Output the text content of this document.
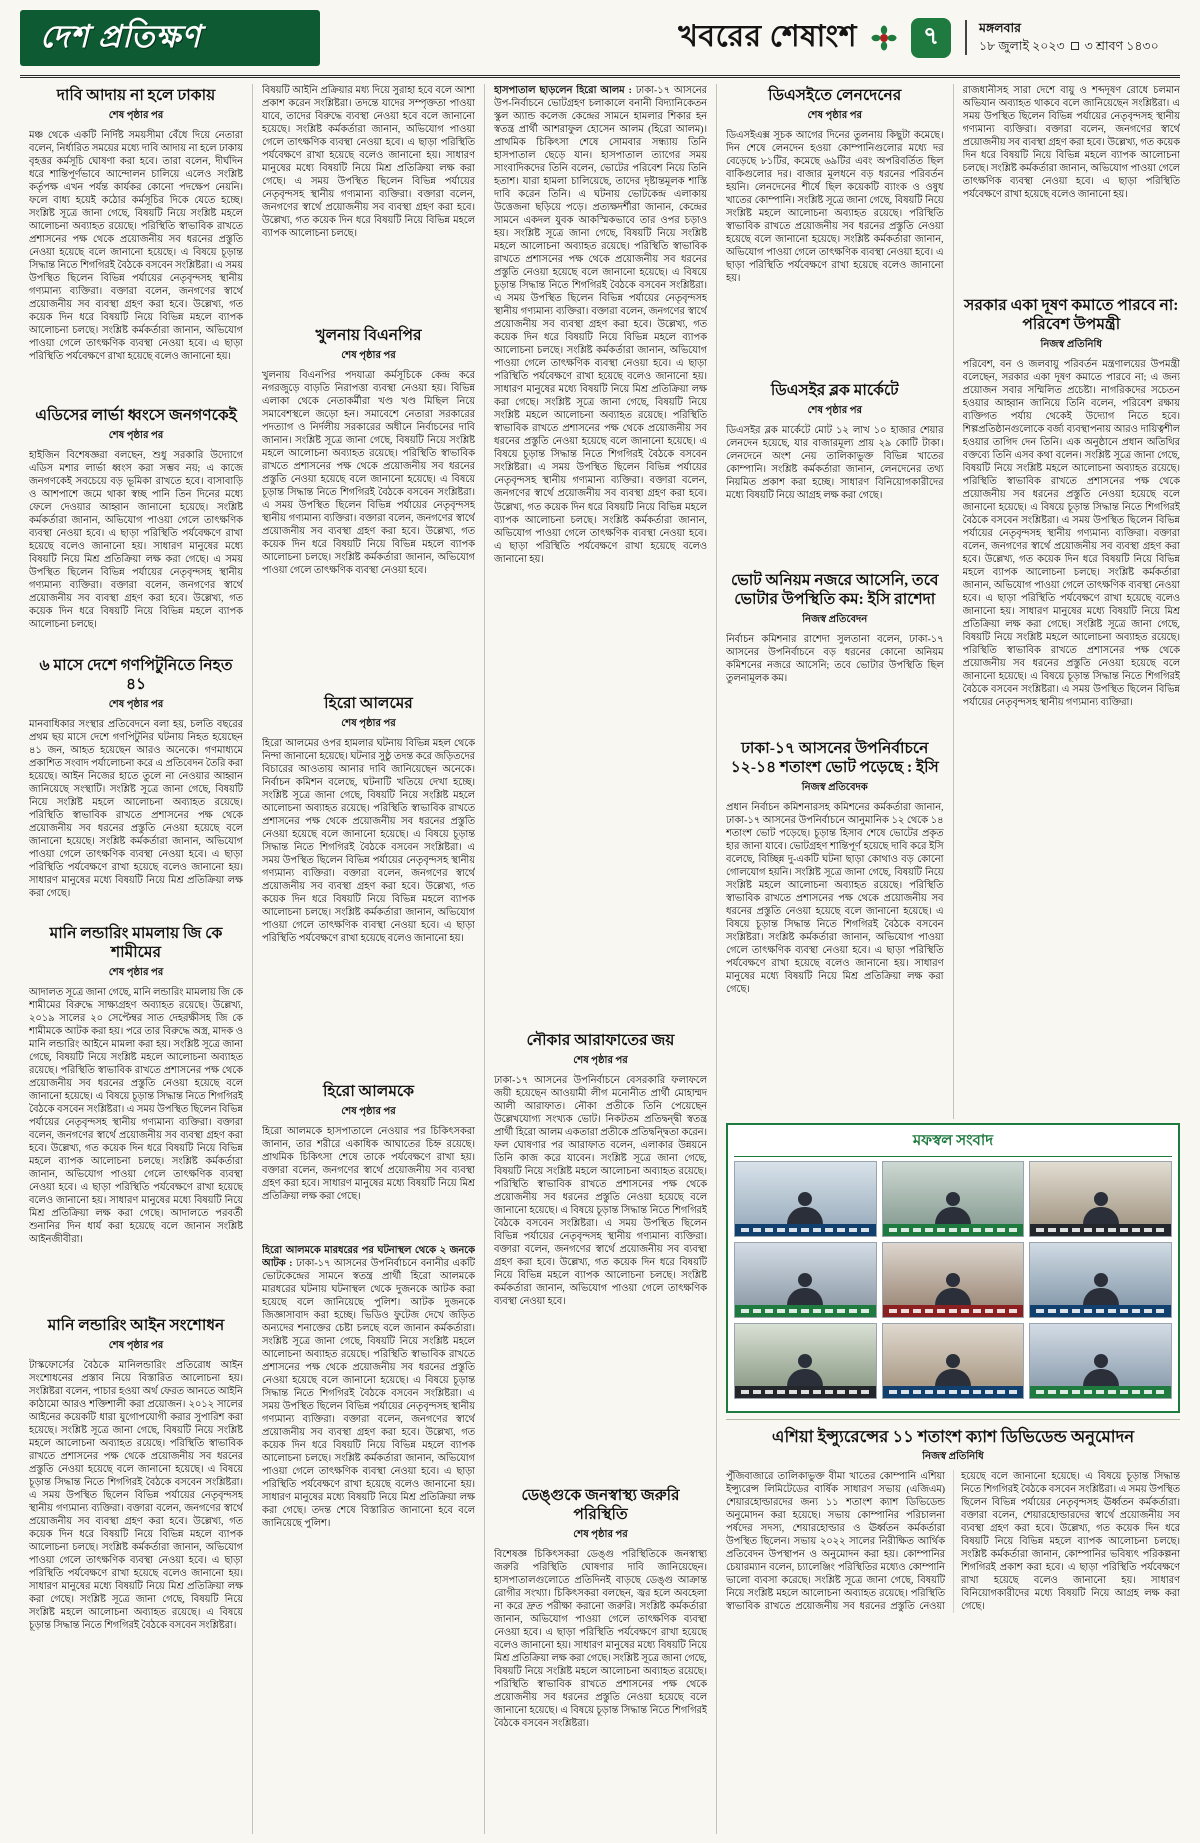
দেশ প্রতিক্ষণ	খবরের শেষাংশ	৭	মঙ্গলবার
১৮ জুলাই ২০২৩ ৩ শ্রাবণ ১৪৩০
দাবি আদায় না হলে ঢাকায়
শেষ পৃষ্ঠার পর

মঞ্চ থেকে একটি নির্দিষ্ট সময়সীমা বেঁধে দিয়ে নেতারা বলেন, নির্ধারিত সময়ের মধ্যে দাবি আদায় না হলে ঢাকায় বৃহত্তর কর্মসূচি ঘোষণা করা হবে। তারা বলেন, দীর্ঘদিন ধরে শান্তিপূর্ণভাবে আন্দোলন চালিয়ে এলেও সংশ্লিষ্ট কর্তৃপক্ষ এখন পর্যন্ত কার্যকর কোনো পদক্ষেপ নেয়নি। ফলে বাধ্য হয়েই কঠোর কর্মসূচির দিকে যেতে হচ্ছে। সংশ্লিষ্ট সূত্রে জানা গেছে, বিষয়টি নিয়ে সংশ্লিষ্ট মহলে আলোচনা অব্যাহত রয়েছে। পরিস্থিতি স্বাভাবিক রাখতে প্রশাসনের পক্ষ থেকে প্রয়োজনীয় সব ধরনের প্রস্তুতি নেওয়া হয়েছে বলে জানানো হয়েছে। এ বিষয়ে চূড়ান্ত সিদ্ধান্ত নিতে শিগগিরই বৈঠকে বসবেন সংশ্লিষ্টরা। এ সময় উপস্থিত ছিলেন বিভিন্ন পর্যায়ের নেতৃবৃন্দসহ স্থানীয় গণ্যমান্য ব্যক্তিরা। বক্তারা বলেন, জনগণের স্বার্থে প্রয়োজনীয় সব ব্যবস্থা গ্রহণ করা হবে। উল্লেখ্য, গত কয়েক দিন ধরে বিষয়টি নিয়ে বিভিন্ন মহলে ব্যাপক আলোচনা চলছে। সংশ্লিষ্ট কর্মকর্তারা জানান, অভিযোগ পাওয়া গেলে তাৎক্ষণিক ব্যবস্থা নেওয়া হবে। এ ছাড়া পরিস্থিতি পর্যবেক্ষণে রাখা হয়েছে বলেও জানানো হয়।

এডিসের লার্ভা ধ্বংসে জনগণকেই
শেষ পৃষ্ঠার পর

হাইজিন বিশেষজ্ঞরা বলছেন, শুধু সরকারি উদ্যোগে এডিস মশার লার্ভা ধ্বংস করা সম্ভব নয়; এ কাজে জনগণকেই সবচেয়ে বড় ভূমিকা রাখতে হবে। বাসাবাড়ি ও আশপাশে জমে থাকা স্বচ্ছ পানি তিন দিনের মধ্যে ফেলে দেওয়ার আহ্বান জানানো হয়েছে। সংশ্লিষ্ট কর্মকর্তারা জানান, অভিযোগ পাওয়া গেলে তাৎক্ষণিক ব্যবস্থা নেওয়া হবে। এ ছাড়া পরিস্থিতি পর্যবেক্ষণে রাখা হয়েছে বলেও জানানো হয়। সাধারণ মানুষের মধ্যে বিষয়টি নিয়ে মিশ্র প্রতিক্রিয়া লক্ষ করা গেছে। এ সময় উপস্থিত ছিলেন বিভিন্ন পর্যায়ের নেতৃবৃন্দসহ স্থানীয় গণ্যমান্য ব্যক্তিরা। বক্তারা বলেন, জনগণের স্বার্থে প্রয়োজনীয় সব ব্যবস্থা গ্রহণ করা হবে। উল্লেখ্য, গত কয়েক দিন ধরে বিষয়টি নিয়ে বিভিন্ন মহলে ব্যাপক আলোচনা চলছে।

৬ মাসে দেশে গণপিটুনিতে নিহত ৪১
শেষ পৃষ্ঠার পর

মানবাধিকার সংস্থার প্রতিবেদনে বলা হয়, চলতি বছরের প্রথম ছয় মাসে দেশে গণপিটুনির ঘটনায় নিহত হয়েছেন ৪১ জন, আহত হয়েছেন আরও অনেকে। গণমাধ্যমে প্রকাশিত সংবাদ পর্যালোচনা করে এ প্রতিবেদন তৈরি করা হয়েছে। আইন নিজের হাতে তুলে না নেওয়ার আহ্বান জানিয়েছে সংস্থাটি। সংশ্লিষ্ট সূত্রে জানা গেছে, বিষয়টি নিয়ে সংশ্লিষ্ট মহলে আলোচনা অব্যাহত রয়েছে। পরিস্থিতি স্বাভাবিক রাখতে প্রশাসনের পক্ষ থেকে প্রয়োজনীয় সব ধরনের প্রস্তুতি নেওয়া হয়েছে বলে জানানো হয়েছে। সংশ্লিষ্ট কর্মকর্তারা জানান, অভিযোগ পাওয়া গেলে তাৎক্ষণিক ব্যবস্থা নেওয়া হবে। এ ছাড়া পরিস্থিতি পর্যবেক্ষণে রাখা হয়েছে বলেও জানানো হয়। সাধারণ মানুষের মধ্যে বিষয়টি নিয়ে মিশ্র প্রতিক্রিয়া লক্ষ করা গেছে।

মানি লন্ডারিং মামলায় জি কে শামীমের
শেষ পৃষ্ঠার পর

আদালত সূত্রে জানা গেছে, মানি লন্ডারিং মামলায় জি কে শামীমের বিরুদ্ধে সাক্ষ্যগ্রহণ অব্যাহত রয়েছে। উল্লেখ্য, ২০১৯ সালের ২০ সেপ্টেম্বর সাত দেহরক্ষীসহ জি কে শামীমকে আটক করা হয়। পরে তার বিরুদ্ধে অস্ত্র, মাদক ও মানি লন্ডারিং আইনে মামলা করা হয়। সংশ্লিষ্ট সূত্রে জানা গেছে, বিষয়টি নিয়ে সংশ্লিষ্ট মহলে আলোচনা অব্যাহত রয়েছে। পরিস্থিতি স্বাভাবিক রাখতে প্রশাসনের পক্ষ থেকে প্রয়োজনীয় সব ধরনের প্রস্তুতি নেওয়া হয়েছে বলে জানানো হয়েছে। এ বিষয়ে চূড়ান্ত সিদ্ধান্ত নিতে শিগগিরই বৈঠকে বসবেন সংশ্লিষ্টরা। এ সময় উপস্থিত ছিলেন বিভিন্ন পর্যায়ের নেতৃবৃন্দসহ স্থানীয় গণ্যমান্য ব্যক্তিরা। বক্তারা বলেন, জনগণের স্বার্থে প্রয়োজনীয় সব ব্যবস্থা গ্রহণ করা হবে। উল্লেখ্য, গত কয়েক দিন ধরে বিষয়টি নিয়ে বিভিন্ন মহলে ব্যাপক আলোচনা চলছে। সংশ্লিষ্ট কর্মকর্তারা জানান, অভিযোগ পাওয়া গেলে তাৎক্ষণিক ব্যবস্থা নেওয়া হবে। এ ছাড়া পরিস্থিতি পর্যবেক্ষণে রাখা হয়েছে বলেও জানানো হয়। সাধারণ মানুষের মধ্যে বিষয়টি নিয়ে মিশ্র প্রতিক্রিয়া লক্ষ করা গেছে। আদালতে পরবর্তী শুনানির দিন ধার্য করা হয়েছে বলে জানান সংশ্লিষ্ট আইনজীবীরা।

মানি লন্ডারিং আইন সংশোধন
শেষ পৃষ্ঠার পর

টাস্কফোর্সের বৈঠকে মানিলন্ডারিং প্রতিরোধ আইন সংশোধনের প্রস্তাব নিয়ে বিস্তারিত আলোচনা হয়। সংশ্লিষ্টরা বলেন, পাচার হওয়া অর্থ ফেরত আনতে আইনি কাঠামো আরও শক্তিশালী করা প্রয়োজন। ২০১২ সালের আইনের কয়েকটি ধারা যুগোপযোগী করার সুপারিশ করা হয়েছে। সংশ্লিষ্ট সূত্রে জানা গেছে, বিষয়টি নিয়ে সংশ্লিষ্ট মহলে আলোচনা অব্যাহত রয়েছে। পরিস্থিতি স্বাভাবিক রাখতে প্রশাসনের পক্ষ থেকে প্রয়োজনীয় সব ধরনের প্রস্তুতি নেওয়া হয়েছে বলে জানানো হয়েছে। এ বিষয়ে চূড়ান্ত সিদ্ধান্ত নিতে শিগগিরই বৈঠকে বসবেন সংশ্লিষ্টরা। এ সময় উপস্থিত ছিলেন বিভিন্ন পর্যায়ের নেতৃবৃন্দসহ স্থানীয় গণ্যমান্য ব্যক্তিরা। বক্তারা বলেন, জনগণের স্বার্থে প্রয়োজনীয় সব ব্যবস্থা গ্রহণ করা হবে। উল্লেখ্য, গত কয়েক দিন ধরে বিষয়টি নিয়ে বিভিন্ন মহলে ব্যাপক আলোচনা চলছে। সংশ্লিষ্ট কর্মকর্তারা জানান, অভিযোগ পাওয়া গেলে তাৎক্ষণিক ব্যবস্থা নেওয়া হবে। এ ছাড়া পরিস্থিতি পর্যবেক্ষণে রাখা হয়েছে বলেও জানানো হয়। সাধারণ মানুষের মধ্যে বিষয়টি নিয়ে মিশ্র প্রতিক্রিয়া লক্ষ করা গেছে। সংশ্লিষ্ট সূত্রে জানা গেছে, বিষয়টি নিয়ে সংশ্লিষ্ট মহলে আলোচনা অব্যাহত রয়েছে। এ বিষয়ে চূড়ান্ত সিদ্ধান্ত নিতে শিগগিরই বৈঠকে বসবেন সংশ্লিষ্টরা।

বিষয়টি আইনি প্রক্রিয়ার মধ্য দিয়ে সুরাহা হবে বলে আশা প্রকাশ করেন সংশ্লিষ্টরা। তদন্তে যাদের সম্পৃক্ততা পাওয়া যাবে, তাদের বিরুদ্ধে ব্যবস্থা নেওয়া হবে বলে জানানো হয়েছে। সংশ্লিষ্ট কর্মকর্তারা জানান, অভিযোগ পাওয়া গেলে তাৎক্ষণিক ব্যবস্থা নেওয়া হবে। এ ছাড়া পরিস্থিতি পর্যবেক্ষণে রাখা হয়েছে বলেও জানানো হয়। সাধারণ মানুষের মধ্যে বিষয়টি নিয়ে মিশ্র প্রতিক্রিয়া লক্ষ করা গেছে। এ সময় উপস্থিত ছিলেন বিভিন্ন পর্যায়ের নেতৃবৃন্দসহ স্থানীয় গণ্যমান্য ব্যক্তিরা। বক্তারা বলেন, জনগণের স্বার্থে প্রয়োজনীয় সব ব্যবস্থা গ্রহণ করা হবে। উল্লেখ্য, গত কয়েক দিন ধরে বিষয়টি নিয়ে বিভিন্ন মহলে ব্যাপক আলোচনা চলছে।

খুলনায় বিএনপির
শেষ পৃষ্ঠার পর

খুলনায় বিএনপির পদযাত্রা কর্মসূচিকে কেন্দ্র করে নগরজুড়ে বাড়তি নিরাপত্তা ব্যবস্থা নেওয়া হয়। বিভিন্ন এলাকা থেকে নেতাকর্মীরা খণ্ড খণ্ড মিছিল নিয়ে সমাবেশস্থলে জড়ো হন। সমাবেশে নেতারা সরকারের পদত্যাগ ও নির্দলীয় সরকারের অধীনে নির্বাচনের দাবি জানান। সংশ্লিষ্ট সূত্রে জানা গেছে, বিষয়টি নিয়ে সংশ্লিষ্ট মহলে আলোচনা অব্যাহত রয়েছে। পরিস্থিতি স্বাভাবিক রাখতে প্রশাসনের পক্ষ থেকে প্রয়োজনীয় সব ধরনের প্রস্তুতি নেওয়া হয়েছে বলে জানানো হয়েছে। এ বিষয়ে চূড়ান্ত সিদ্ধান্ত নিতে শিগগিরই বৈঠকে বসবেন সংশ্লিষ্টরা। এ সময় উপস্থিত ছিলেন বিভিন্ন পর্যায়ের নেতৃবৃন্দসহ স্থানীয় গণ্যমান্য ব্যক্তিরা। বক্তারা বলেন, জনগণের স্বার্থে প্রয়োজনীয় সব ব্যবস্থা গ্রহণ করা হবে। উল্লেখ্য, গত কয়েক দিন ধরে বিষয়টি নিয়ে বিভিন্ন মহলে ব্যাপক আলোচনা চলছে। সংশ্লিষ্ট কর্মকর্তারা জানান, অভিযোগ পাওয়া গেলে তাৎক্ষণিক ব্যবস্থা নেওয়া হবে।

হিরো আলমের
শেষ পৃষ্ঠার পর

হিরো আলমের ওপর হামলার ঘটনায় বিভিন্ন মহল থেকে নিন্দা জানানো হয়েছে। ঘটনার সুষ্ঠু তদন্ত করে জড়িতদের বিচারের আওতায় আনার দাবি জানিয়েছেন অনেকে। নির্বাচন কমিশন বলেছে, ঘটনাটি খতিয়ে দেখা হচ্ছে। সংশ্লিষ্ট সূত্রে জানা গেছে, বিষয়টি নিয়ে সংশ্লিষ্ট মহলে আলোচনা অব্যাহত রয়েছে। পরিস্থিতি স্বাভাবিক রাখতে প্রশাসনের পক্ষ থেকে প্রয়োজনীয় সব ধরনের প্রস্তুতি নেওয়া হয়েছে বলে জানানো হয়েছে। এ বিষয়ে চূড়ান্ত সিদ্ধান্ত নিতে শিগগিরই বৈঠকে বসবেন সংশ্লিষ্টরা। এ সময় উপস্থিত ছিলেন বিভিন্ন পর্যায়ের নেতৃবৃন্দসহ স্থানীয় গণ্যমান্য ব্যক্তিরা। বক্তারা বলেন, জনগণের স্বার্থে প্রয়োজনীয় সব ব্যবস্থা গ্রহণ করা হবে। উল্লেখ্য, গত কয়েক দিন ধরে বিষয়টি নিয়ে বিভিন্ন মহলে ব্যাপক আলোচনা চলছে। সংশ্লিষ্ট কর্মকর্তারা জানান, অভিযোগ পাওয়া গেলে তাৎক্ষণিক ব্যবস্থা নেওয়া হবে। এ ছাড়া পরিস্থিতি পর্যবেক্ষণে রাখা হয়েছে বলেও জানানো হয়।

হিরো আলমকে
শেষ পৃষ্ঠার পর

হিরো আলমকে হাসপাতালে নেওয়ার পর চিকিৎসকরা জানান, তার শরীরে একাধিক আঘাতের চিহ্ন রয়েছে। প্রাথমিক চিকিৎসা শেষে তাকে পর্যবেক্ষণে রাখা হয়। বক্তারা বলেন, জনগণের স্বার্থে প্রয়োজনীয় সব ব্যবস্থা গ্রহণ করা হবে। সাধারণ মানুষের মধ্যে বিষয়টি নিয়ে মিশ্র প্রতিক্রিয়া লক্ষ করা গেছে।

হিরো আলমকে মারধরের পর ঘটনাস্থল থেকে ২ জনকে আটক : ঢাকা-১৭ আসনের উপনির্বাচনে বনানীর একটি ভোটকেন্দ্রের সামনে স্বতন্ত্র প্রার্থী হিরো আলমকে মারধরের ঘটনায় ঘটনাস্থল থেকে দুজনকে আটক করা হয়েছে বলে জানিয়েছে পুলিশ। আটক দুজনকে জিজ্ঞাসাবাদ করা হচ্ছে। ভিডিও ফুটেজ দেখে জড়িত অন্যদের শনাক্তের চেষ্টা চলছে বলে জানান কর্মকর্তারা। সংশ্লিষ্ট সূত্রে জানা গেছে, বিষয়টি নিয়ে সংশ্লিষ্ট মহলে আলোচনা অব্যাহত রয়েছে। পরিস্থিতি স্বাভাবিক রাখতে প্রশাসনের পক্ষ থেকে প্রয়োজনীয় সব ধরনের প্রস্তুতি নেওয়া হয়েছে বলে জানানো হয়েছে। এ বিষয়ে চূড়ান্ত সিদ্ধান্ত নিতে শিগগিরই বৈঠকে বসবেন সংশ্লিষ্টরা। এ সময় উপস্থিত ছিলেন বিভিন্ন পর্যায়ের নেতৃবৃন্দসহ স্থানীয় গণ্যমান্য ব্যক্তিরা। বক্তারা বলেন, জনগণের স্বার্থে প্রয়োজনীয় সব ব্যবস্থা গ্রহণ করা হবে। উল্লেখ্য, গত কয়েক দিন ধরে বিষয়টি নিয়ে বিভিন্ন মহলে ব্যাপক আলোচনা চলছে। সংশ্লিষ্ট কর্মকর্তারা জানান, অভিযোগ পাওয়া গেলে তাৎক্ষণিক ব্যবস্থা নেওয়া হবে। এ ছাড়া পরিস্থিতি পর্যবেক্ষণে রাখা হয়েছে বলেও জানানো হয়। সাধারণ মানুষের মধ্যে বিষয়টি নিয়ে মিশ্র প্রতিক্রিয়া লক্ষ করা গেছে। তদন্ত শেষে বিস্তারিত জানানো হবে বলে জানিয়েছে পুলিশ।

হাসপাতাল ছাড়লেন হিরো আলম : ঢাকা-১৭ আসনের উপ-নির্বাচনে ভোটগ্রহণ চলাকালে বনানী বিদ্যানিকেতন স্কুল অ্যান্ড কলেজ কেন্দ্রের সামনে হামলার শিকার হন স্বতন্ত্র প্রার্থী আশরাফুল হোসেন আলম (হিরো আলম)। প্রাথমিক চিকিৎসা শেষে সোমবার সন্ধ্যায় তিনি হাসপাতাল ছেড়ে যান। হাসপাতাল ত্যাগের সময় সাংবাদিকদের তিনি বলেন, ভোটের পরিবেশ নিয়ে তিনি হতাশ। যারা হামলা চালিয়েছে, তাদের দৃষ্টান্তমূলক শাস্তি দাবি করেন তিনি। এ ঘটনায় ভোটকেন্দ্র এলাকায় উত্তেজনা ছড়িয়ে পড়ে। প্রত্যক্ষদর্শীরা জানান, কেন্দ্রের সামনে একদল যুবক আকস্মিকভাবে তার ওপর চড়াও হয়। সংশ্লিষ্ট সূত্রে জানা গেছে, বিষয়টি নিয়ে সংশ্লিষ্ট মহলে আলোচনা অব্যাহত রয়েছে। পরিস্থিতি স্বাভাবিক রাখতে প্রশাসনের পক্ষ থেকে প্রয়োজনীয় সব ধরনের প্রস্তুতি নেওয়া হয়েছে বলে জানানো হয়েছে। এ বিষয়ে চূড়ান্ত সিদ্ধান্ত নিতে শিগগিরই বৈঠকে বসবেন সংশ্লিষ্টরা। এ সময় উপস্থিত ছিলেন বিভিন্ন পর্যায়ের নেতৃবৃন্দসহ স্থানীয় গণ্যমান্য ব্যক্তিরা। বক্তারা বলেন, জনগণের স্বার্থে প্রয়োজনীয় সব ব্যবস্থা গ্রহণ করা হবে। উল্লেখ্য, গত কয়েক দিন ধরে বিষয়টি নিয়ে বিভিন্ন মহলে ব্যাপক আলোচনা চলছে। সংশ্লিষ্ট কর্মকর্তারা জানান, অভিযোগ পাওয়া গেলে তাৎক্ষণিক ব্যবস্থা নেওয়া হবে। এ ছাড়া পরিস্থিতি পর্যবেক্ষণে রাখা হয়েছে বলেও জানানো হয়। সাধারণ মানুষের মধ্যে বিষয়টি নিয়ে মিশ্র প্রতিক্রিয়া লক্ষ করা গেছে। সংশ্লিষ্ট সূত্রে জানা গেছে, বিষয়টি নিয়ে সংশ্লিষ্ট মহলে আলোচনা অব্যাহত রয়েছে। পরিস্থিতি স্বাভাবিক রাখতে প্রশাসনের পক্ষ থেকে প্রয়োজনীয় সব ধরনের প্রস্তুতি নেওয়া হয়েছে বলে জানানো হয়েছে। এ বিষয়ে চূড়ান্ত সিদ্ধান্ত নিতে শিগগিরই বৈঠকে বসবেন সংশ্লিষ্টরা। এ সময় উপস্থিত ছিলেন বিভিন্ন পর্যায়ের নেতৃবৃন্দসহ স্থানীয় গণ্যমান্য ব্যক্তিরা। বক্তারা বলেন, জনগণের স্বার্থে প্রয়োজনীয় সব ব্যবস্থা গ্রহণ করা হবে। উল্লেখ্য, গত কয়েক দিন ধরে বিষয়টি নিয়ে বিভিন্ন মহলে ব্যাপক আলোচনা চলছে। সংশ্লিষ্ট কর্মকর্তারা জানান, অভিযোগ পাওয়া গেলে তাৎক্ষণিক ব্যবস্থা নেওয়া হবে। এ ছাড়া পরিস্থিতি পর্যবেক্ষণে রাখা হয়েছে বলেও জানানো হয়।

নৌকার আরাফাতের জয়
শেষ পৃষ্ঠার পর

ঢাকা-১৭ আসনের উপনির্বাচনে বেসরকারি ফলাফলে জয়ী হয়েছেন আওয়ামী লীগ মনোনীত প্রার্থী মোহাম্মদ আলী আরাফাত। নৌকা প্রতীকে তিনি পেয়েছেন উল্লেখযোগ্য সংখ্যক ভোট। নিকটতম প্রতিদ্বন্দ্বী স্বতন্ত্র প্রার্থী হিরো আলম একতারা প্রতীকে প্রতিদ্বন্দ্বিতা করেন। ফল ঘোষণার পর আরাফাত বলেন, এলাকার উন্নয়নে তিনি কাজ করে যাবেন। সংশ্লিষ্ট সূত্রে জানা গেছে, বিষয়টি নিয়ে সংশ্লিষ্ট মহলে আলোচনা অব্যাহত রয়েছে। পরিস্থিতি স্বাভাবিক রাখতে প্রশাসনের পক্ষ থেকে প্রয়োজনীয় সব ধরনের প্রস্তুতি নেওয়া হয়েছে বলে জানানো হয়েছে। এ বিষয়ে চূড়ান্ত সিদ্ধান্ত নিতে শিগগিরই বৈঠকে বসবেন সংশ্লিষ্টরা। এ সময় উপস্থিত ছিলেন বিভিন্ন পর্যায়ের নেতৃবৃন্দসহ স্থানীয় গণ্যমান্য ব্যক্তিরা। বক্তারা বলেন, জনগণের স্বার্থে প্রয়োজনীয় সব ব্যবস্থা গ্রহণ করা হবে। উল্লেখ্য, গত কয়েক দিন ধরে বিষয়টি নিয়ে বিভিন্ন মহলে ব্যাপক আলোচনা চলছে। সংশ্লিষ্ট কর্মকর্তারা জানান, অভিযোগ পাওয়া গেলে তাৎক্ষণিক ব্যবস্থা নেওয়া হবে।

ডেঙ্গুকে জনস্বাস্থ্য জরুরি পরিস্থিতি
শেষ পৃষ্ঠার পর

বিশেষজ্ঞ চিকিৎসকরা ডেঙ্গু পরিস্থিতিকে জনস্বাস্থ্য জরুরি পরিস্থিতি ঘোষণার দাবি জানিয়েছেন। হাসপাতালগুলোতে প্রতিদিনই বাড়ছে ডেঙ্গু আক্রান্ত রোগীর সংখ্যা। চিকিৎসকরা বলছেন, জ্বর হলে অবহেলা না করে দ্রুত পরীক্ষা করানো জরুরি। সংশ্লিষ্ট কর্মকর্তারা জানান, অভিযোগ পাওয়া গেলে তাৎক্ষণিক ব্যবস্থা নেওয়া হবে। এ ছাড়া পরিস্থিতি পর্যবেক্ষণে রাখা হয়েছে বলেও জানানো হয়। সাধারণ মানুষের মধ্যে বিষয়টি নিয়ে মিশ্র প্রতিক্রিয়া লক্ষ করা গেছে। সংশ্লিষ্ট সূত্রে জানা গেছে, বিষয়টি নিয়ে সংশ্লিষ্ট মহলে আলোচনা অব্যাহত রয়েছে। পরিস্থিতি স্বাভাবিক রাখতে প্রশাসনের পক্ষ থেকে প্রয়োজনীয় সব ধরনের প্রস্তুতি নেওয়া হয়েছে বলে জানানো হয়েছে। এ বিষয়ে চূড়ান্ত সিদ্ধান্ত নিতে শিগগিরই বৈঠকে বসবেন সংশ্লিষ্টরা।

ডিএসইতে লেনদেনের
শেষ পৃষ্ঠার পর

ডিএসইএক্স সূচক আগের দিনের তুলনায় কিছুটা কমেছে। দিন শেষে লেনদেন হওয়া কোম্পানিগুলোর মধ্যে দর বেড়েছে ৮১টির, কমেছে ৬৯টির এবং অপরিবর্তিত ছিল বাকিগুলোর দর। বাজার মূলধনে বড় ধরনের পরিবর্তন হয়নি। লেনদেনের শীর্ষে ছিল কয়েকটি ব্যাংক ও ওষুধ খাতের কোম্পানি। সংশ্লিষ্ট সূত্রে জানা গেছে, বিষয়টি নিয়ে সংশ্লিষ্ট মহলে আলোচনা অব্যাহত রয়েছে। পরিস্থিতি স্বাভাবিক রাখতে প্রয়োজনীয় সব ধরনের প্রস্তুতি নেওয়া হয়েছে বলে জানানো হয়েছে। সংশ্লিষ্ট কর্মকর্তারা জানান, অভিযোগ পাওয়া গেলে তাৎক্ষণিক ব্যবস্থা নেওয়া হবে। এ ছাড়া পরিস্থিতি পর্যবেক্ষণে রাখা হয়েছে বলেও জানানো হয়।

ডিএসইর ব্লক মার্কেটে
শেষ পৃষ্ঠার পর

ডিএসইর ব্লক মার্কেটে মোট ১২ লাখ ১০ হাজার শেয়ার লেনদেন হয়েছে, যার বাজারমূল্য প্রায় ২৯ কোটি টাকা। লেনদেনে অংশ নেয় তালিকাভুক্ত বিভিন্ন খাতের কোম্পানি। সংশ্লিষ্ট কর্মকর্তারা জানান, লেনদেনের তথ্য নিয়মিত প্রকাশ করা হচ্ছে। সাধারণ বিনিয়োগকারীদের মধ্যে বিষয়টি নিয়ে আগ্রহ লক্ষ করা গেছে।

ভোট অনিয়ম নজরে আসেনি, তবে ভোটার উপস্থিতি কম: ইসি রাশেদা
নিজস্ব প্রতিবেদন

নির্বাচন কমিশনার রাশেদা সুলতানা বলেন, ঢাকা-১৭ আসনের উপনির্বাচনে বড় ধরনের কোনো অনিয়ম কমিশনের নজরে আসেনি; তবে ভোটার উপস্থিতি ছিল তুলনামূলক কম।

ঢাকা-১৭ আসনের উপনির্বাচনে ১২-১৪ শতাংশ ভোট পড়েছে : ইসি
নিজস্ব প্রতিবেদক

প্রধান নির্বাচন কমিশনারসহ কমিশনের কর্মকর্তারা জানান, ঢাকা-১৭ আসনের উপনির্বাচনে আনুমানিক ১২ থেকে ১৪ শতাংশ ভোট পড়েছে। চূড়ান্ত হিসাব শেষে ভোটের প্রকৃত হার জানা যাবে। ভোটগ্রহণ শান্তিপূর্ণ হয়েছে দাবি করে ইসি বলেছে, বিচ্ছিন্ন দু-একটি ঘটনা ছাড়া কোথাও বড় কোনো গোলযোগ হয়নি। সংশ্লিষ্ট সূত্রে জানা গেছে, বিষয়টি নিয়ে সংশ্লিষ্ট মহলে আলোচনা অব্যাহত রয়েছে। পরিস্থিতি স্বাভাবিক রাখতে প্রশাসনের পক্ষ থেকে প্রয়োজনীয় সব ধরনের প্রস্তুতি নেওয়া হয়েছে বলে জানানো হয়েছে। এ বিষয়ে চূড়ান্ত সিদ্ধান্ত নিতে শিগগিরই বৈঠকে বসবেন সংশ্লিষ্টরা। সংশ্লিষ্ট কর্মকর্তারা জানান, অভিযোগ পাওয়া গেলে তাৎক্ষণিক ব্যবস্থা নেওয়া হবে। এ ছাড়া পরিস্থিতি পর্যবেক্ষণে রাখা হয়েছে বলেও জানানো হয়। সাধারণ মানুষের মধ্যে বিষয়টি নিয়ে মিশ্র প্রতিক্রিয়া লক্ষ করা গেছে।

রাজধানীসহ সারা দেশে বায়ু ও শব্দদূষণ রোধে চলমান অভিযান অব্যাহত থাকবে বলে জানিয়েছেন সংশ্লিষ্টরা। এ সময় উপস্থিত ছিলেন বিভিন্ন পর্যায়ের নেতৃবৃন্দসহ স্থানীয় গণ্যমান্য ব্যক্তিরা। বক্তারা বলেন, জনগণের স্বার্থে প্রয়োজনীয় সব ব্যবস্থা গ্রহণ করা হবে। উল্লেখ্য, গত কয়েক দিন ধরে বিষয়টি নিয়ে বিভিন্ন মহলে ব্যাপক আলোচনা চলছে। সংশ্লিষ্ট কর্মকর্তারা জানান, অভিযোগ পাওয়া গেলে তাৎক্ষণিক ব্যবস্থা নেওয়া হবে। এ ছাড়া পরিস্থিতি পর্যবেক্ষণে রাখা হয়েছে বলেও জানানো হয়।

সরকার একা দূষণ কমাতে পারবে না: পরিবেশ উপমন্ত্রী
নিজস্ব প্রতিনিধি

পরিবেশ, বন ও জলবায়ু পরিবর্তন মন্ত্রণালয়ের উপমন্ত্রী বলেছেন, সরকার একা দূষণ কমাতে পারবে না; এ জন্য প্রয়োজন সবার সম্মিলিত প্রচেষ্টা। নাগরিকদের সচেতন হওয়ার আহ্বান জানিয়ে তিনি বলেন, পরিবেশ রক্ষায় ব্যক্তিগত পর্যায় থেকেই উদ্যোগ নিতে হবে। শিল্পপ্রতিষ্ঠানগুলোকে বর্জ্য ব্যবস্থাপনায় আরও দায়িত্বশীল হওয়ার তাগিদ দেন তিনি। এক অনুষ্ঠানে প্রধান অতিথির বক্তব্যে তিনি এসব কথা বলেন। সংশ্লিষ্ট সূত্রে জানা গেছে, বিষয়টি নিয়ে সংশ্লিষ্ট মহলে আলোচনা অব্যাহত রয়েছে। পরিস্থিতি স্বাভাবিক রাখতে প্রশাসনের পক্ষ থেকে প্রয়োজনীয় সব ধরনের প্রস্তুতি নেওয়া হয়েছে বলে জানানো হয়েছে। এ বিষয়ে চূড়ান্ত সিদ্ধান্ত নিতে শিগগিরই বৈঠকে বসবেন সংশ্লিষ্টরা। এ সময় উপস্থিত ছিলেন বিভিন্ন পর্যায়ের নেতৃবৃন্দসহ স্থানীয় গণ্যমান্য ব্যক্তিরা। বক্তারা বলেন, জনগণের স্বার্থে প্রয়োজনীয় সব ব্যবস্থা গ্রহণ করা হবে। উল্লেখ্য, গত কয়েক দিন ধরে বিষয়টি নিয়ে বিভিন্ন মহলে ব্যাপক আলোচনা চলছে। সংশ্লিষ্ট কর্মকর্তারা জানান, অভিযোগ পাওয়া গেলে তাৎক্ষণিক ব্যবস্থা নেওয়া হবে। এ ছাড়া পরিস্থিতি পর্যবেক্ষণে রাখা হয়েছে বলেও জানানো হয়। সাধারণ মানুষের মধ্যে বিষয়টি নিয়ে মিশ্র প্রতিক্রিয়া লক্ষ করা গেছে। সংশ্লিষ্ট সূত্রে জানা গেছে, বিষয়টি নিয়ে সংশ্লিষ্ট মহলে আলোচনা অব্যাহত রয়েছে। পরিস্থিতি স্বাভাবিক রাখতে প্রশাসনের পক্ষ থেকে প্রয়োজনীয় সব ধরনের প্রস্তুতি নেওয়া হয়েছে বলে জানানো হয়েছে। এ বিষয়ে চূড়ান্ত সিদ্ধান্ত নিতে শিগগিরই বৈঠকে বসবেন সংশ্লিষ্টরা। এ সময় উপস্থিত ছিলেন বিভিন্ন পর্যায়ের নেতৃবৃন্দসহ স্থানীয় গণ্যমান্য ব্যক্তিরা।

মফস্বল সংবাদ
এশিয়া ইন্স্যুরেন্সের ১১ শতাংশ ক্যাশ ডিভিডেন্ড অনুমোদন
নিজস্ব প্রতিনিধি

পুঁজিবাজারে তালিকাভুক্ত বীমা খাতের কোম্পানি এশিয়া ইন্স্যুরেন্স লিমিটেডের বার্ষিক সাধারণ সভায় (এজিএম) শেয়ারহোল্ডারদের জন্য ১১ শতাংশ ক্যাশ ডিভিডেন্ড অনুমোদন করা হয়েছে। সভায় কোম্পানির পরিচালনা পর্ষদের সদস্য, শেয়ারহোল্ডার ও ঊর্ধ্বতন কর্মকর্তারা উপস্থিত ছিলেন। সভায় ২০২২ সালের নিরীক্ষিত আর্থিক প্রতিবেদন উপস্থাপন ও অনুমোদন করা হয়। কোম্পানির চেয়ারম্যান বলেন, চ্যালেঞ্জিং পরিস্থিতির মধ্যেও কোম্পানি ভালো ব্যবসা করেছে। সংশ্লিষ্ট সূত্রে জানা গেছে, বিষয়টি নিয়ে সংশ্লিষ্ট মহলে আলোচনা অব্যাহত রয়েছে। পরিস্থিতি স্বাভাবিক রাখতে প্রয়োজনীয় সব ধরনের প্রস্তুতি নেওয়া হয়েছে বলে জানানো হয়েছে। এ বিষয়ে চূড়ান্ত সিদ্ধান্ত নিতে শিগগিরই বৈঠকে বসবেন সংশ্লিষ্টরা। এ সময় উপস্থিত ছিলেন বিভিন্ন পর্যায়ের নেতৃবৃন্দসহ ঊর্ধ্বতন কর্মকর্তারা। বক্তারা বলেন, শেয়ারহোল্ডারদের স্বার্থে প্রয়োজনীয় সব ব্যবস্থা গ্রহণ করা হবে। উল্লেখ্য, গত কয়েক দিন ধরে বিষয়টি নিয়ে বিভিন্ন মহলে ব্যাপক আলোচনা চলছে। সংশ্লিষ্ট কর্মকর্তারা জানান, কোম্পানির ভবিষ্যৎ পরিকল্পনা শিগগিরই প্রকাশ করা হবে। এ ছাড়া পরিস্থিতি পর্যবেক্ষণে রাখা হয়েছে বলেও জানানো হয়। সাধারণ বিনিয়োগকারীদের মধ্যে বিষয়টি নিয়ে আগ্রহ লক্ষ করা গেছে।
